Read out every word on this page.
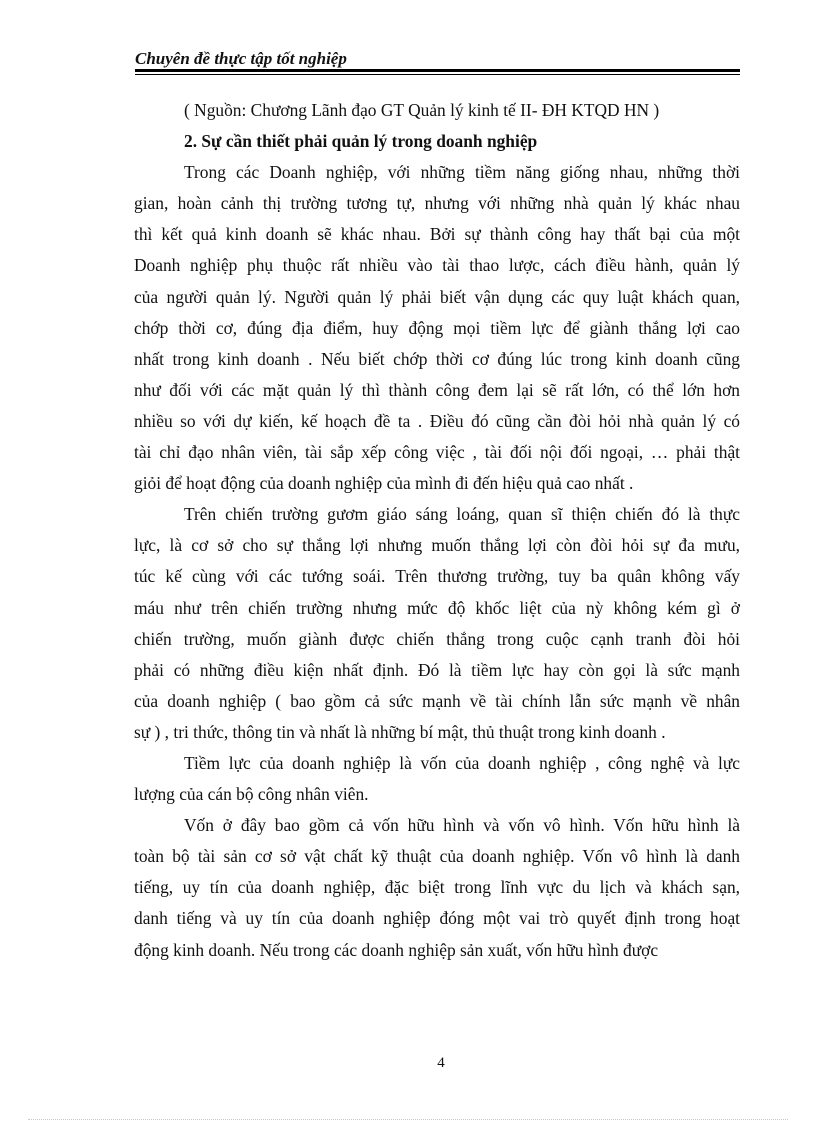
Chuyên đề thực tập tốt nghiệp

( Nguồn: Chương Lãnh đạo GT Quản lý kinh tế II- ĐH KTQD HN )

2. Sự cần thiết phải quản lý trong doanh nghiệp

Trong các Doanh nghiệp, với những tiềm năng giống nhau, những thời
gian, hoàn cảnh thị trường tương tự, nhưng với những nhà quản lý khác nhau
thì kết quả kinh doanh sẽ khác nhau. Bởi sự thành công hay thất bại của một
Doanh nghiệp phụ thuộc rất nhiều vào tài thao lược, cách điều hành, quản lý
của người quản lý. Người quản lý phải biết vận dụng các quy luật khách quan,
chớp thời cơ, đúng địa điểm, huy động mọi tiềm lực để giành thắng lợi cao
nhất trong kinh doanh . Nếu biết chớp thời cơ đúng lúc trong kinh doanh cũng
như đối với các mặt quản lý thì thành công đem lại sẽ rất lớn, có thể lớn hơn
nhiều so với dự kiến, kế hoạch đề ta . Điều đó cũng cần đòi hỏi nhà quản lý có
tài chỉ đạo nhân viên, tài sắp xếp công việc , tài đối nội đối ngoại, … phải thật
giỏi để hoạt động của doanh nghiệp của mình đi đến hiệu quả cao nhất .
Trên chiến trường gươm giáo sáng loáng, quan sĩ thiện chiến đó là thực
lực, là cơ sở cho sự thắng lợi nhưng muốn thắng lợi còn đòi hỏi sự đa mưu,
túc kế cùng với các tướng soái. Trên thương trường, tuy ba quân không vấy
máu như trên chiến trường nhưng mức độ khốc liệt của nỳ không kém gì ở
chiến trường, muốn giành được chiến thắng trong cuộc cạnh tranh đòi hỏi
phải có những điều kiện nhất định. Đó là tiềm lực hay còn gọi là sức mạnh
của doanh nghiệp ( bao gồm cả sức mạnh về tài chính lẫn sức mạnh về nhân
sự ) , tri thức, thông tin và nhất là những bí mật, thủ thuật trong kinh doanh .
Tiềm lực của doanh nghiệp là vốn của doanh nghiệp , công nghệ và lực
lượng của cán bộ công nhân viên.
Vốn ở đây bao gồm cả vốn hữu hình và vốn vô hình. Vốn hữu hình là
toàn bộ tài sản cơ sở vật chất kỹ thuật của doanh nghiệp. Vốn vô hình là danh
tiếng, uy tín của doanh nghiệp, đặc biệt trong lĩnh vực du lịch và khách sạn,
danh tiếng và uy tín của doanh nghiệp đóng một vai trò quyết định trong hoạt
động kinh doanh. Nếu trong các doanh nghiệp sản xuất, vốn hữu hình được
4
